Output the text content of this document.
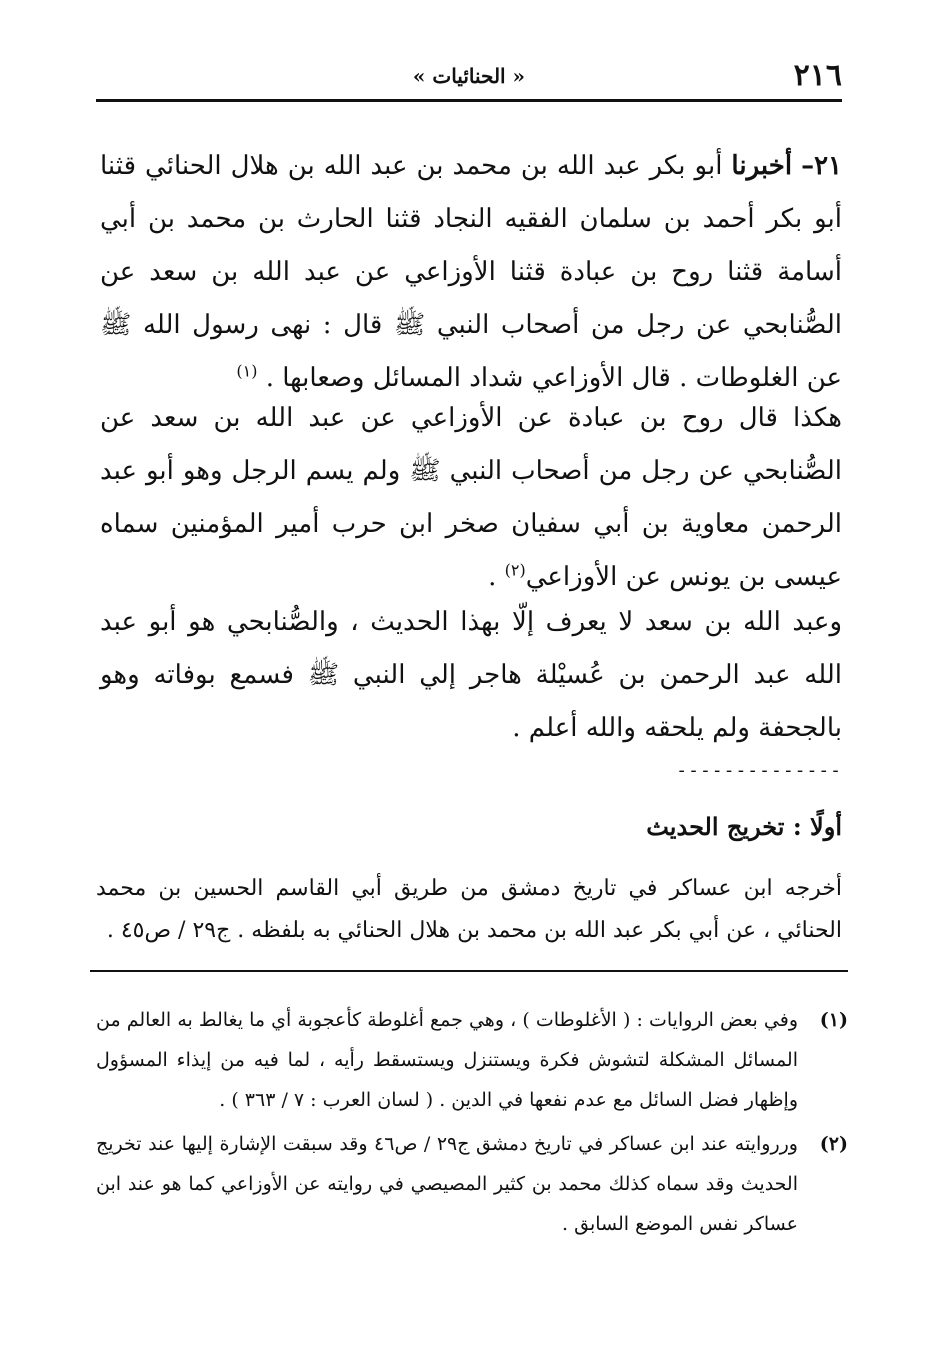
٢١٦
« الحنائيات »
٢١– أخبرنا أبو بكر عبد الله بن محمد بن عبد الله بن هلال الحنائي قثنا أبو بكر أحمد بن سلمان الفقيه النجاد قثنا الحارث بن محمد بن أبي أسامة قثنا روح بن عبادة قثنا الأوزاعي عن عبد الله بن سعد عن الصُّنابحي عن رجل من أصحاب النبي ﷺ قال : نهى رسول الله ﷺ عن الغلوطات . قال الأوزاعي شداد المسائل وصعابها . $^{(١)}$
هكذا قال روح بن عبادة عن الأوزاعي عن عبد الله بن سعد عن الصُّنابحي عن رجل من أصحاب النبي ﷺ ولم يسم الرجل وهو أبو عبد الرحمن معاوية بن أبي سفيان صخر ابن حرب أمير المؤمنين سماه عيسى بن يونس عن الأوزاعي$^{(٢)}$ .
وعبد الله بن سعد لا يعرف إلّا بهذا الحديث ، والصُّنابحي هو أبو عبد الله عبد الرحمن بن عُسيْلة هاجر إلي النبي ﷺ فسمع بوفاته وهو بالجحفة ولم يلحقه والله أعلم .
--------------
أولًا : تخريج الحديث
أخرجه ابن عساكر في تاريخ دمشق من طريق أبي القاسم الحسين بن محمد الحنائي ، عن أبي بكر عبد الله بن محمد بن هلال الحنائي به بلفظه . ج٢٩ / ص٤٥ .
(١)
وفي بعض الروايات : ( الأغلوطات ) ، وهي جمع أغلوطة كأعجوبة أي ما يغالط به العالم من المسائل المشكلة لتشوش فكرة ويستنزل ويستسقط رأيه ، لما فيه من إيذاء المسؤول وإظهار فضل السائل مع عدم نفعها في الدين . ( لسان العرب : ٧ / ٣٦٣ ) .
(٢)
ورروايته عند ابن عساكر في تاريخ دمشق ج٢٩ / ص٤٦ وقد سبقت الإشارة إليها عند تخريج الحديث وقد سماه كذلك محمد بن كثير المصيصي في روايته عن الأوزاعي كما هو عند ابن عساكر نفس الموضع السابق .
